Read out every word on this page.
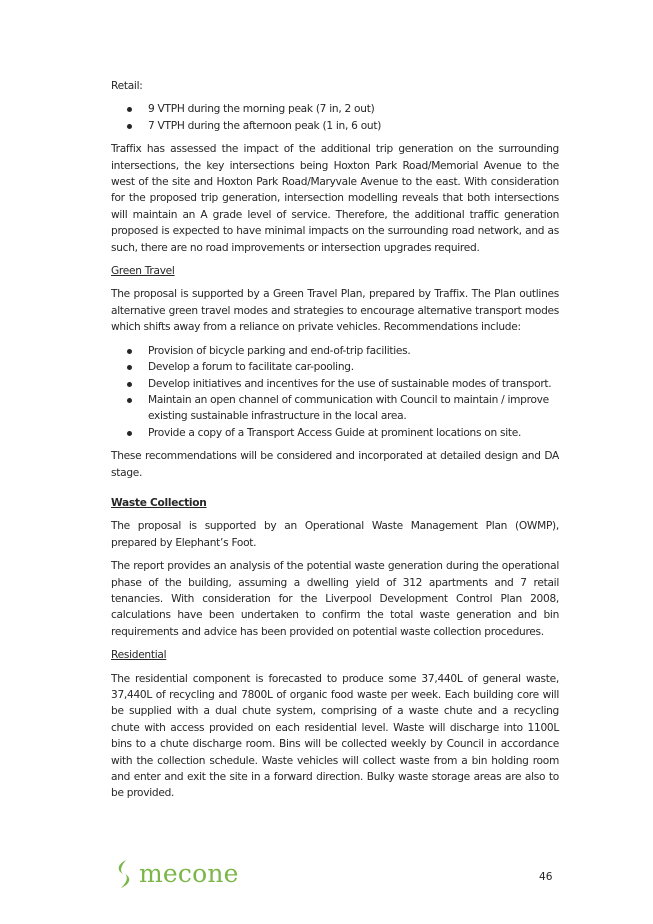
Retail:

9 VTPH during the morning peak (7 in, 2 out)
7 VTPH during the afternoon peak (1 in, 6 out)

Traffix has assessed the impact of the additional trip generation on the surrounding intersections, the key intersections being Hoxton Park Road/Memorial Avenue to the west of the site and Hoxton Park Road/Maryvale Avenue to the east. With consideration for the proposed trip generation, intersection modelling reveals that both intersections will maintain an A grade level of service. Therefore, the additional traffic generation proposed is expected to have minimal impacts on the surrounding road network, and as such, there are no road improvements or intersection upgrades required.

Green Travel

The proposal is supported by a Green Travel Plan, prepared by Traffix. The Plan outlines alternative green travel modes and strategies to encourage alternative transport modes which shifts away from a reliance on private vehicles. Recommendations include:

Provision of bicycle parking and end-of-trip facilities.
Develop a forum to facilitate car-pooling.
Develop initiatives and incentives for the use of sustainable modes of transport.
Maintain an open channel of communication with Council to maintain / improve existing sustainable infrastructure in the local area.
Provide a copy of a Transport Access Guide at prominent locations on site.

These recommendations will be considered and incorporated at detailed design and DA stage.

Waste Collection

The proposal is supported by an Operational Waste Management Plan (OWMP), prepared by Elephant’s Foot.

The report provides an analysis of the potential waste generation during the operational phase of the building, assuming a dwelling yield of 312 apartments and 7 retail tenancies. With consideration for the Liverpool Development Control Plan 2008, calculations have been undertaken to confirm the total waste generation and bin requirements and advice has been provided on potential waste collection procedures.

Residential

The residential component is forecasted to produce some 37,440L of general waste, 37,440L of recycling and 7800L of organic food waste per week. Each building core will be supplied with a dual chute system, comprising of a waste chute and a recycling chute with access provided on each residential level. Waste will discharge into 1100L bins to a chute discharge room. Bins will be collected weekly by Council in accordance with the collection schedule. Waste vehicles will collect waste from a bin holding room and enter and exit the site in a forward direction. Bulky waste storage areas are also to be provided.

mecone	46
